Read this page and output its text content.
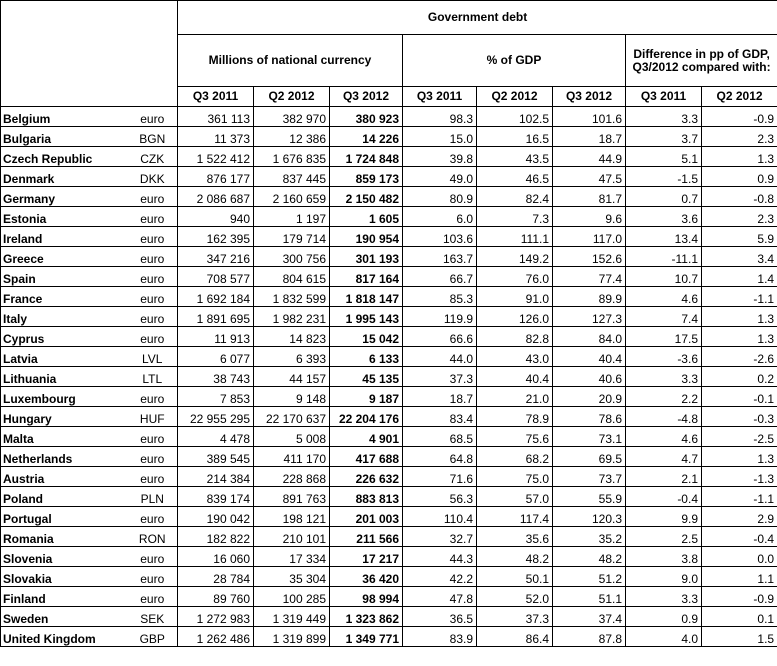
		Government debt							
		Millions of national currency			% of GDP			Difference in pp of GDP, Q3/2012 compared with:	
		Q3 2011	Q2 2012	Q3 2012	Q3 2011	Q2 2012	Q3 2012	Q3 2011	Q2 2012
Belgium	euro	361 113	382 970	380 923	98.3	102.5	101.6	3.3	-0.9
Bulgaria	BGN	11 373	12 386	14 226	15.0	16.5	18.7	3.7	2.3
Czech Republic	CZK	1 522 412	1 676 835	1 724 848	39.8	43.5	44.9	5.1	1.3
Denmark	DKK	876 177	837 445	859 173	49.0	46.5	47.5	-1.5	0.9
Germany	euro	2 086 687	2 160 659	2 150 482	80.9	82.4	81.7	0.7	-0.8
Estonia	euro	940	1 197	1 605	6.0	7.3	9.6	3.6	2.3
Ireland	euro	162 395	179 714	190 954	103.6	111.1	117.0	13.4	5.9
Greece	euro	347 216	300 756	301 193	163.7	149.2	152.6	-11.1	3.4
Spain	euro	708 577	804 615	817 164	66.7	76.0	77.4	10.7	1.4
France	euro	1 692 184	1 832 599	1 818 147	85.3	91.0	89.9	4.6	-1.1
Italy	euro	1 891 695	1 982 231	1 995 143	119.9	126.0	127.3	7.4	1.3
Cyprus	euro	11 913	14 823	15 042	66.6	82.8	84.0	17.5	1.3
Latvia	LVL	6 077	6 393	6 133	44.0	43.0	40.4	-3.6	-2.6
Lithuania	LTL	38 743	44 157	45 135	37.3	40.4	40.6	3.3	0.2
Luxembourg	euro	7 853	9 148	9 187	18.7	21.0	20.9	2.2	-0.1
Hungary	HUF	22 955 295	22 170 637	22 204 176	83.4	78.9	78.6	-4.8	-0.3
Malta	euro	4 478	5 008	4 901	68.5	75.6	73.1	4.6	-2.5
Netherlands	euro	389 545	411 170	417 688	64.8	68.2	69.5	4.7	1.3
Austria	euro	214 384	228 868	226 632	71.6	75.0	73.7	2.1	-1.3
Poland	PLN	839 174	891 763	883 813	56.3	57.0	55.9	-0.4	-1.1
Portugal	euro	190 042	198 121	201 003	110.4	117.4	120.3	9.9	2.9
Romania	RON	182 822	210 101	211 566	32.7	35.6	35.2	2.5	-0.4
Slovenia	euro	16 060	17 334	17 217	44.3	48.2	48.2	3.8	0.0
Slovakia	euro	28 784	35 304	36 420	42.2	50.1	51.2	9.0	1.1
Finland	euro	89 760	100 285	98 994	47.8	52.0	51.1	3.3	-0.9
Sweden	SEK	1 272 983	1 319 449	1 323 862	36.5	37.3	37.4	0.9	0.1
United Kingdom	GBP	1 262 486	1 319 899	1 349 771	83.9	86.4	87.8	4.0	1.5
